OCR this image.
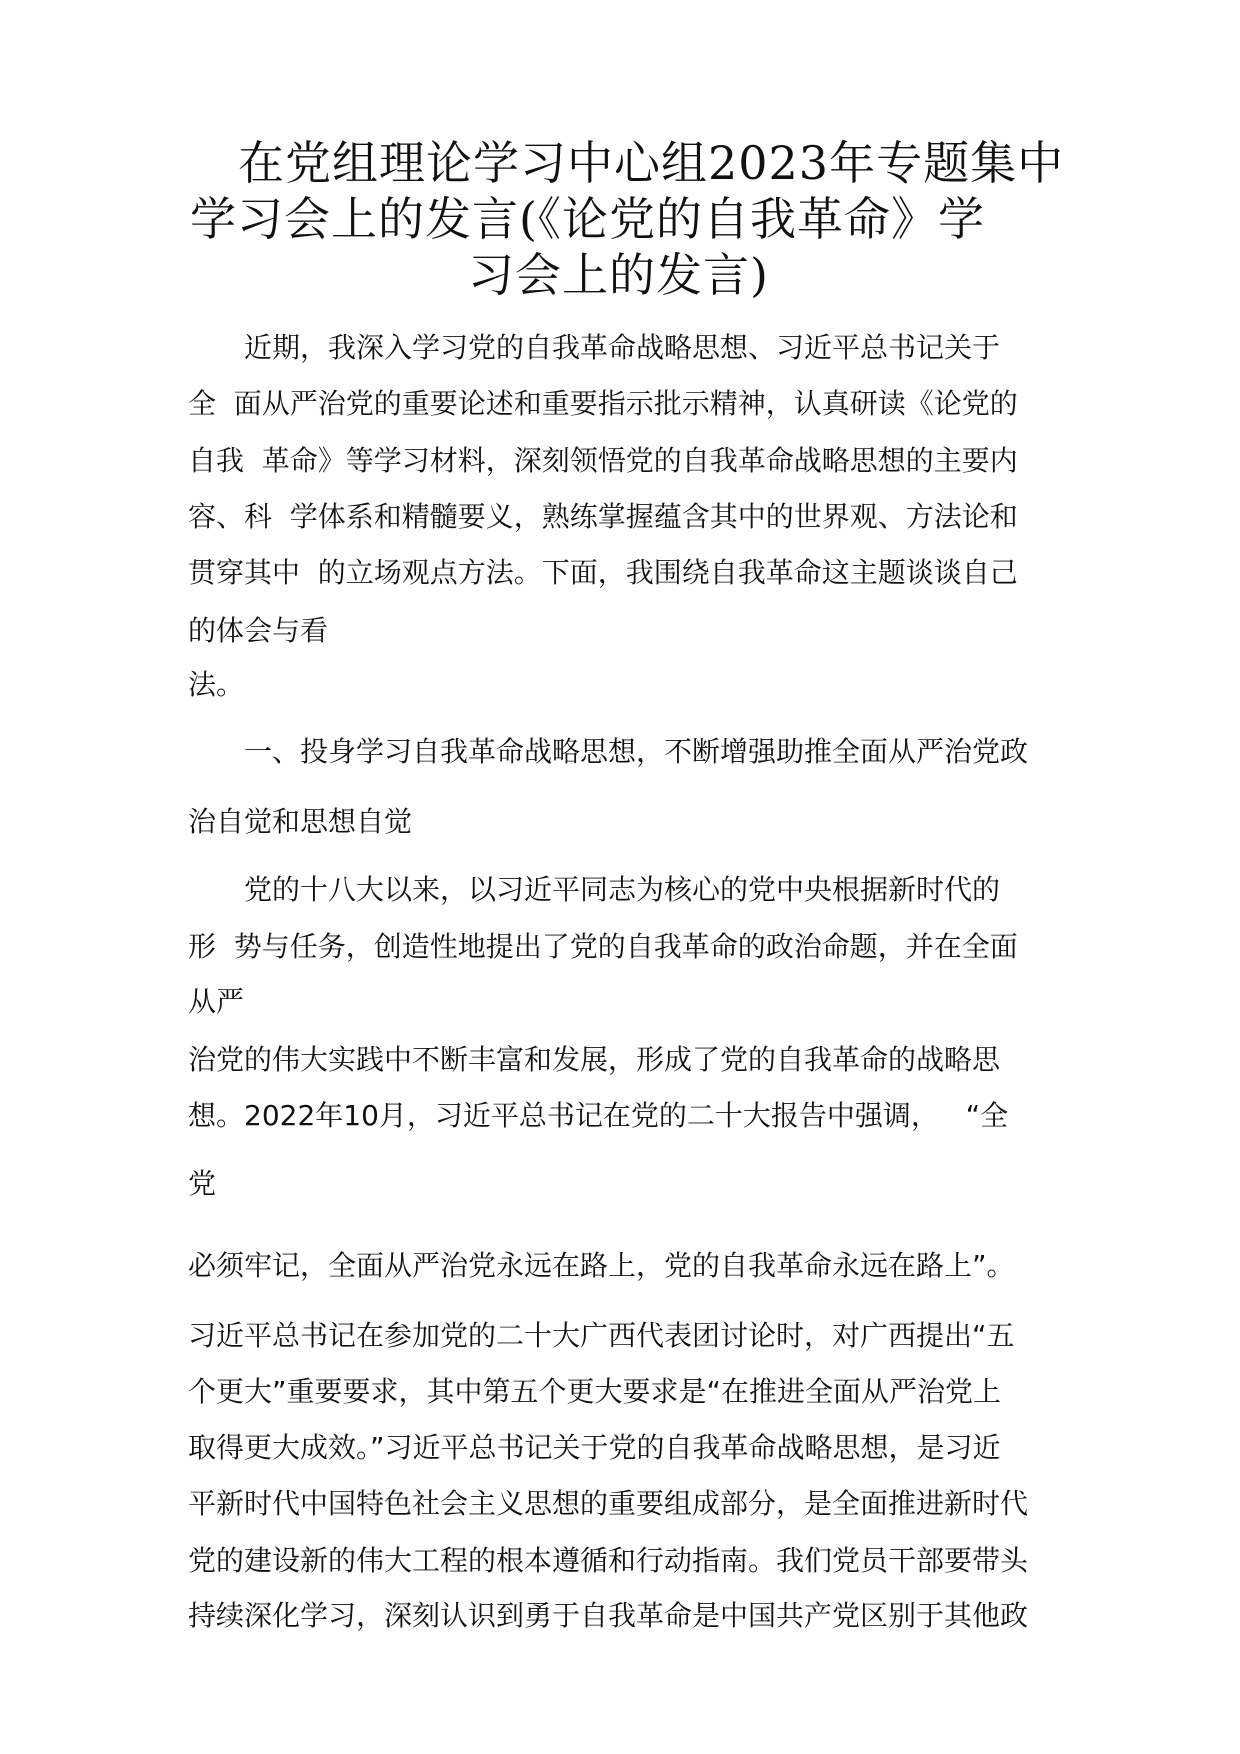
在党组理论学习中心组2023年专题集中
学习会上的发言(《论党的自我革命》学
习会上的发言)
近期，我深入学习党的自我革命战略思想、习近平总书记关于
全  面从严治党的重要论述和重要指示批示精神，认真研读《论党的
自我  革命》等学习材料，深刻领悟党的自我革命战略思想的主要内
容、科  学体系和精髓要义，熟练掌握蕴含其中的世界观、方法论和
贯穿其中  的立场观点方法。下面，我围绕自我革命这主题谈谈自己
的体会与看
法。
一、投身学习自我革命战略思想，不断增强助推全面从严治党政
治自觉和思想自觉
党的十八大以来，以习近平同志为核心的党中央根据新时代的
形  势与任务，创造性地提出了党的自我革命的政治命题，并在全面
从严
治党的伟大实践中不断丰富和发展，形成了党的自我革命的战略思
想。2022年10月，习近平总书记在党的二十大报告中强调，   “全
党
必须牢记，全面从严治党永远在路上，党的自我革命永远在路上”。
习近平总书记在参加党的二十大广西代表团讨论时，对广西提出“五
个更大”重要要求，其中第五个更大要求是“在推进全面从严治党上
取得更大成效。”习近平总书记关于党的自我革命战略思想，是习近
平新时代中国特色社会主义思想的重要组成部分，是全面推进新时代
党的建设新的伟大工程的根本遵循和行动指南。我们党员干部要带头
持续深化学习，深刻认识到勇于自我革命是中国共产党区别于其他政
